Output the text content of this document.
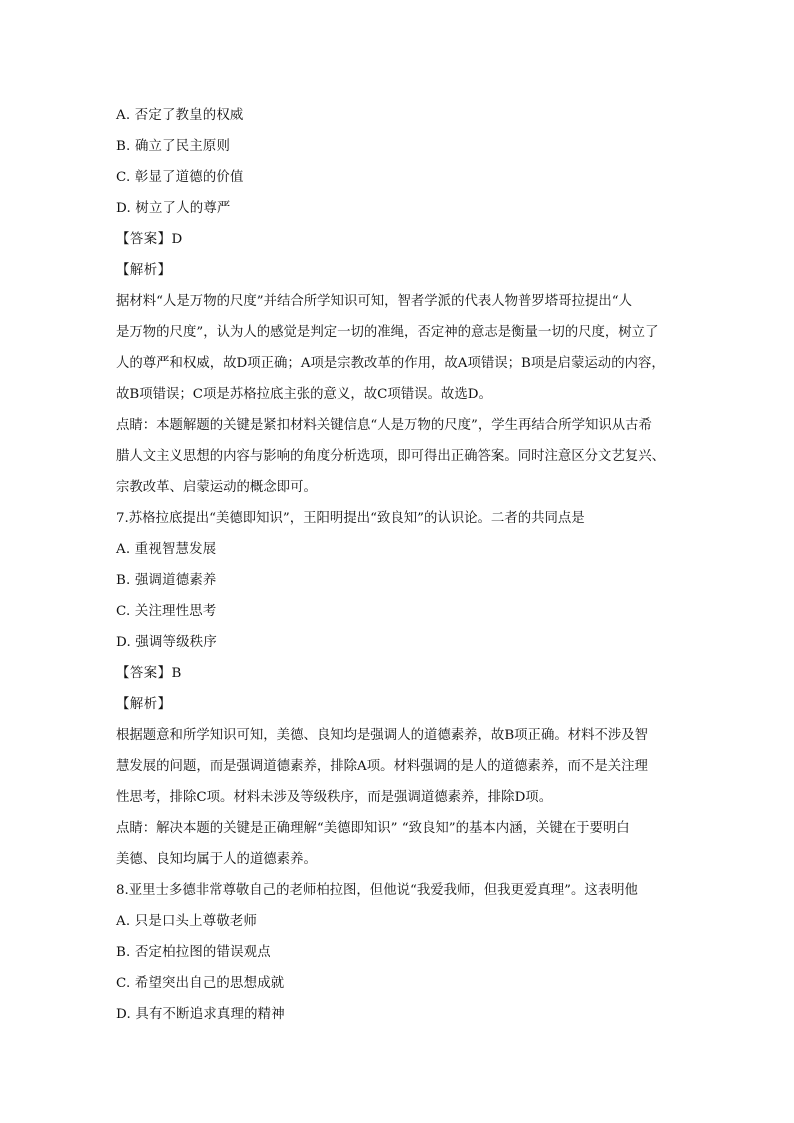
A. 否定了教皇的权威
B. 确立了民主原则
C. 彰显了道德的价值
D. 树立了人的尊严
【答案】D
【解析】
据材料“人是万物的尺度”并结合所学知识可知，智者学派的代表人物普罗塔哥拉提出“人
是万物的尺度”，认为人的感觉是判定一切的准绳，否定神的意志是衡量一切的尺度，树立了
人的尊严和权威，故D项正确；A项是宗教改革的作用，故A项错误；B项是启蒙运动的内容，
故B项错误；C项是苏格拉底主张的意义，故C项错误。故选D。
点睛：本题解题的关键是紧扣材料关键信息“人是万物的尺度”，学生再结合所学知识从古希
腊人文主义思想的内容与影响的角度分析选项，即可得出正确答案。同时注意区分文艺复兴、
宗教改革、启蒙运动的概念即可。
7.苏格拉底提出“美德即知识”，王阳明提出“致良知”的认识论。二者的共同点是
A. 重视智慧发展
B. 强调道德素养
C. 关注理性思考
D. 强调等级秩序
【答案】B
【解析】
根据题意和所学知识可知，美德、良知均是强调人的道德素养，故B项正确。材料不涉及智
慧发展的问题，而是强调道德素养，排除A项。材料强调的是人的道德素养，而不是关注理
性思考，排除C项。材料未涉及等级秩序，而是强调道德素养，排除D项。
点睛：解决本题的关键是正确理解“美德即知识” “致良知”的基本内涵，关键在于要明白
美德、良知均属于人的道德素养。
8.亚里士多德非常尊敬自己的老师柏拉图，但他说“我爱我师，但我更爱真理”。这表明他
A. 只是口头上尊敬老师
B. 否定柏拉图的错误观点
C. 希望突出自己的思想成就
D. 具有不断追求真理的精神
